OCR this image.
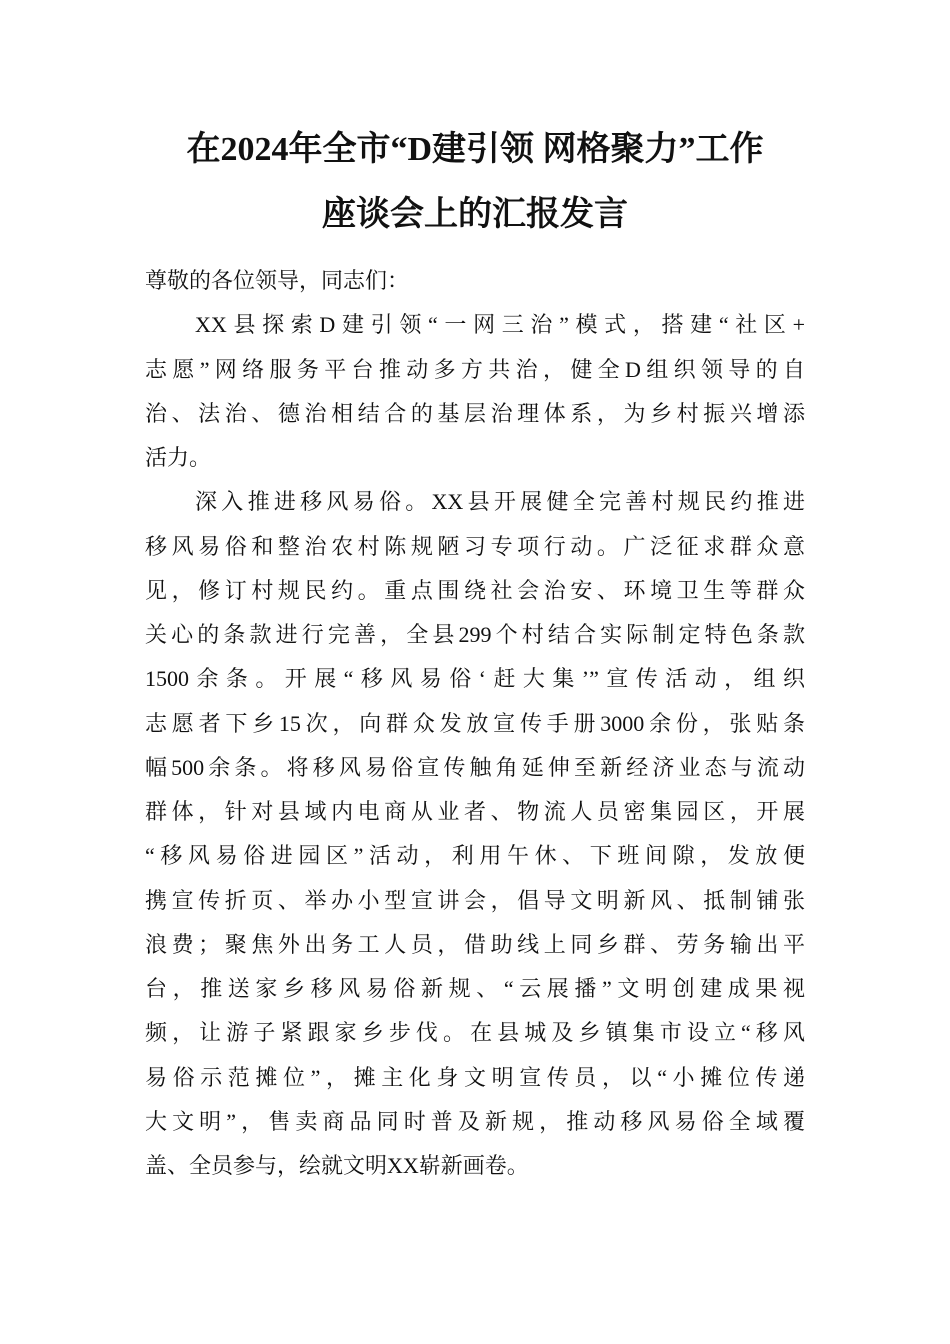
在2024年全市“D建引领 网格聚力”工作
座谈会上的汇报发言
尊敬的各位领导，同志们：
XX县探索D建引领“一网三治”模式，搭建“社区+
志愿”网络服务平台推动多方共治，健全D组织领导的自
治、法治、德治相结合的基层治理体系，为乡村振兴增添
活力。
深入推进移风易俗。XX县开展健全完善村规民约推进
移风易俗和整治农村陈规陋习专项行动。广泛征求群众意
见，修订村规民约。重点围绕社会治安、环境卫生等群众
关心的条款进行完善，全县299个村结合实际制定特色条款
1500余条。开展“移风易俗‘赶大集’”宣传活动，组织
志愿者下乡15次，向群众发放宣传手册3000余份，张贴条
幅500余条。将移风易俗宣传触角延伸至新经济业态与流动
群体，针对县域内电商从业者、物流人员密集园区，开展
“移风易俗进园区”活动，利用午休、下班间隙，发放便
携宣传折页、举办小型宣讲会，倡导文明新风、抵制铺张
浪费；聚焦外出务工人员，借助线上同乡群、劳务输出平
台，推送家乡移风易俗新规、“云展播”文明创建成果视
频，让游子紧跟家乡步伐。在县城及乡镇集市设立“移风
易俗示范摊位”，摊主化身文明宣传员，以“小摊位传递
大文明”，售卖商品同时普及新规，推动移风易俗全域覆
盖、全员参与，绘就文明XX崭新画卷。
